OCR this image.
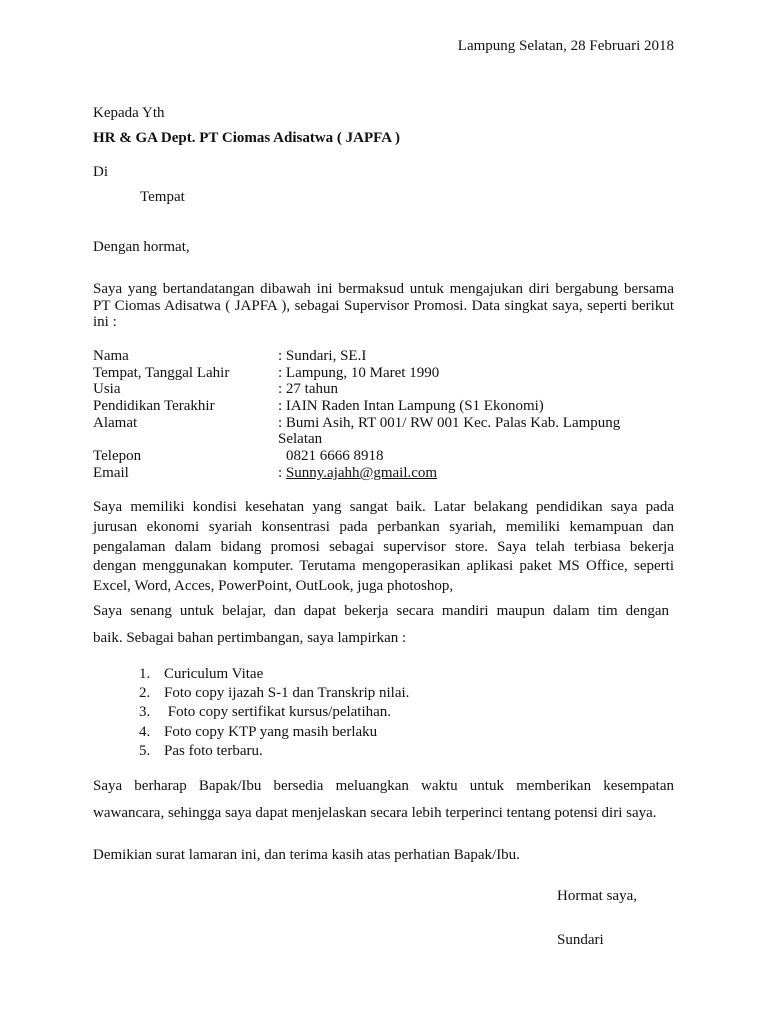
Lampung Selatan, 28 Februari 2018
Kepada Yth
HR & GA Dept. PT Ciomas Adisatwa ( JAPFA )
Di
Tempat
Dengan hormat,
Saya yang bertandatangan dibawah ini bermaksud untuk mengajukan diri bergabung bersama PT Ciomas Adisatwa ( JAPFA ), sebagai Supervisor Promosi. Data singkat saya, seperti berikut ini :
Nama	: Sundari, SE.I
Tempat, Tanggal Lahir	: Lampung, 10 Maret 1990
Usia	: 27 tahun
Pendidikan Terakhir	: IAIN Raden Intan Lampung (S1 Ekonomi)
Alamat	: Bumi Asih, RT 001/ RW 001 Kec. Palas Kab. Lampung
Selatan
Telepon	0821 6666 8918
Email	: Sunny.ajahh@gmail.com
Saya memiliki kondisi kesehatan yang sangat baik. Latar belakang pendidikan saya pada
jurusan ekonomi syariah konsentrasi pada perbankan syariah, memiliki kemampuan dan
pengalaman dalam bidang promosi sebagai supervisor store. Saya telah terbiasa bekerja
dengan menggunakan komputer. Terutama mengoperasikan aplikasi paket MS Office, seperti
Excel, Word, Acces, PowerPoint, OutLook, juga photoshop,
Saya senang untuk belajar, dan dapat bekerja secara mandiri maupun dalam tim dengan
baik. Sebagai bahan pertimbangan, saya lampirkan :
1. Curiculum Vitae
2. Foto copy ijazah S-1 dan Transkrip nilai.
3. Foto copy sertifikat kursus/pelatihan.
4. Foto copy KTP yang masih berlaku
5. Pas foto terbaru.
Saya berharap Bapak/Ibu bersedia meluangkan waktu untuk memberikan kesempatan
wawancara, sehingga saya dapat menjelaskan secara lebih terperinci tentang potensi diri saya.
Demikian surat lamaran ini, dan terima kasih atas perhatian Bapak/Ibu.
Hormat saya,
Sundari
